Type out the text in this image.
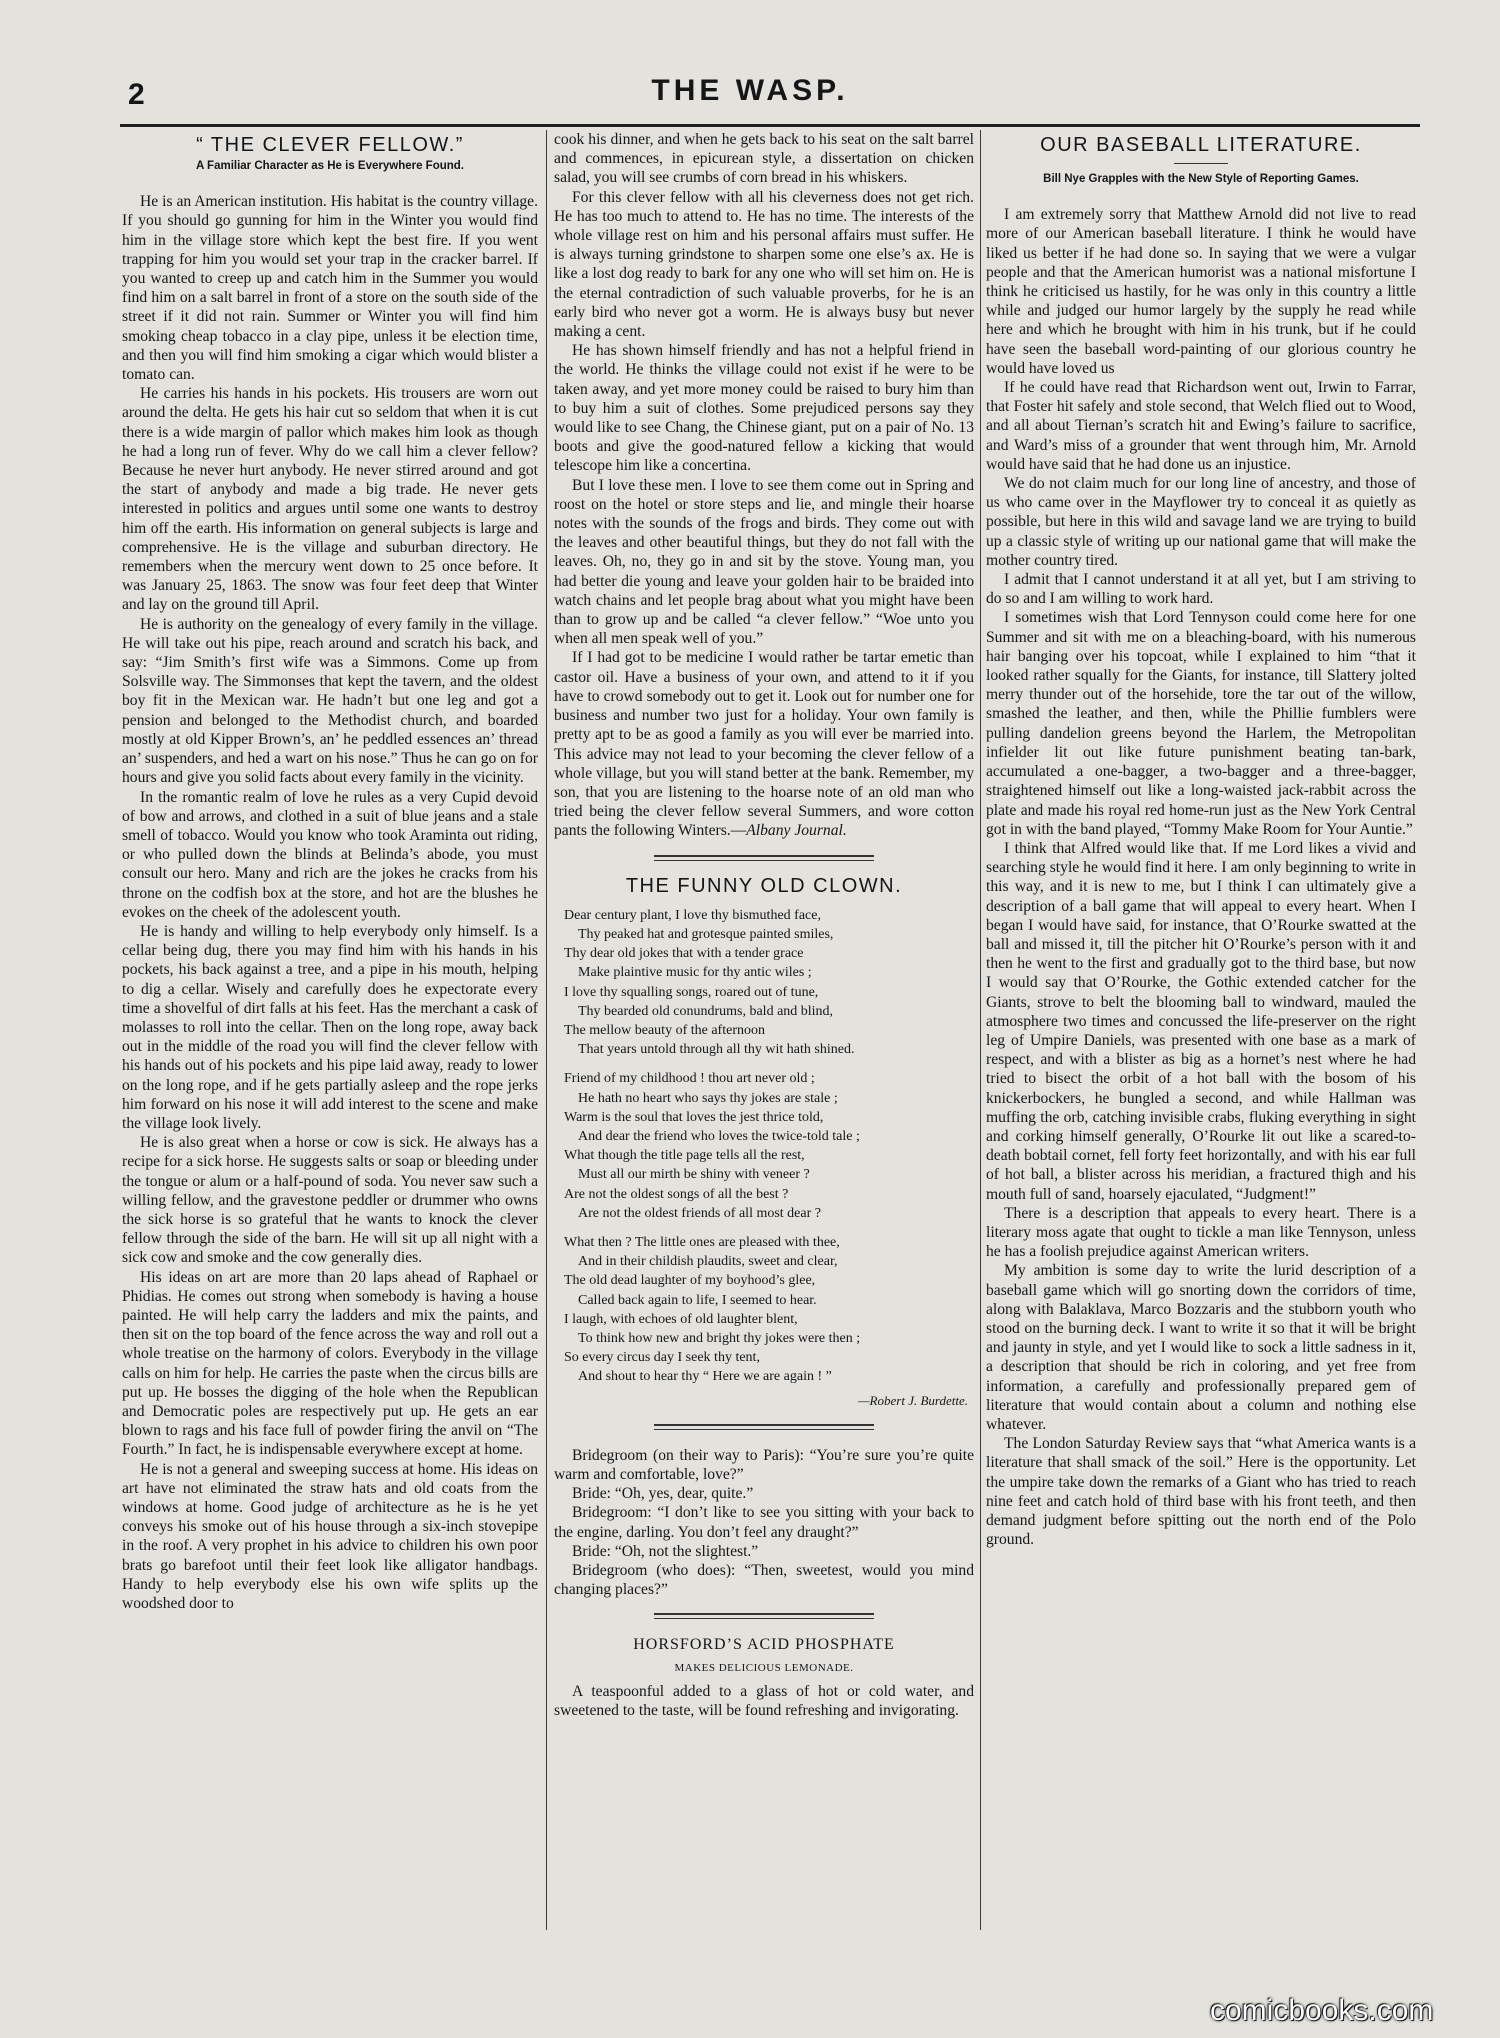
2	THE WASP.
“ THE CLEVER FELLOW.”
A Familiar Character as He is Everywhere Found.

He is an American institution. His habitat is the country village. If you should go gunning for him in the Winter you would find him in the village store which kept the best fire. If you went trapping for him you would set your trap in the cracker barrel. If you wanted to creep up and catch him in the Summer you would find him on a salt barrel in front of a store on the south side of the street if it did not rain. Summer or Winter you will find him smoking cheap tobacco in a clay pipe, unless it be election time, and then you will find him smoking a cigar which would blister a tomato can.

He carries his hands in his pockets. His trousers are worn out around the delta. He gets his hair cut so seldom that when it is cut there is a wide margin of pallor which makes him look as though he had a long run of fever. Why do we call him a clever fellow? Because he never hurt anybody. He never stirred around and got the start of anybody and made a big trade. He never gets interested in politics and argues until some one wants to destroy him off the earth. His information on general subjects is large and comprehensive. He is the village and suburban directory. He remembers when the mercury went down to 25 once before. It was January 25, 1863. The snow was four feet deep that Winter and lay on the ground till April.

He is authority on the genealogy of every family in the village. He will take out his pipe, reach around and scratch his back, and say: “Jim Smith’s first wife was a Simmons. Come up from Solsville way. The Simmonses that kept the tavern, and the oldest boy fit in the Mexican war. He hadn’t but one leg and got a pension and belonged to the Methodist church, and boarded mostly at old Kipper Brown’s, an’ he peddled essences an’ thread an’ suspenders, and hed a wart on his nose.” Thus he can go on for hours and give you solid facts about every family in the vicinity.

In the romantic realm of love he rules as a very Cupid devoid of bow and arrows, and clothed in a suit of blue jeans and a stale smell of tobacco. Would you know who took Araminta out riding, or who pulled down the blinds at Belinda’s abode, you must consult our hero. Many and rich are the jokes he cracks from his throne on the codfish box at the store, and hot are the blushes he evokes on the cheek of the adolescent youth.

He is handy and willing to help everybody only himself. Is a cellar being dug, there you may find him with his hands in his pockets, his back against a tree, and a pipe in his mouth, helping to dig a cellar. Wisely and carefully does he expectorate every time a shovelful of dirt falls at his feet. Has the merchant a cask of molasses to roll into the cellar. Then on the long rope, away back out in the middle of the road you will find the clever fellow with his hands out of his pockets and his pipe laid away, ready to lower on the long rope, and if he gets partially asleep and the rope jerks him forward on his nose it will add interest to the scene and make the village look lively.

He is also great when a horse or cow is sick. He always has a recipe for a sick horse. He suggests salts or soap or bleeding under the tongue or alum or a half-pound of soda. You never saw such a willing fellow, and the gravestone peddler or drummer who owns the sick horse is so grateful that he wants to knock the clever fellow through the side of the barn. He will sit up all night with a sick cow and smoke and the cow generally dies.

His ideas on art are more than 20 laps ahead of Raphael or Phidias. He comes out strong when somebody is having a house painted. He will help carry the ladders and mix the paints, and then sit on the top board of the fence across the way and roll out a whole treatise on the harmony of colors. Everybody in the village calls on him for help. He carries the paste when the circus bills are put up. He bosses the digging of the hole when the Republican and Democratic poles are respectively put up. He gets an ear blown to rags and his face full of powder firing the anvil on “The Fourth.” In fact, he is indispensable everywhere except at home.

He is not a general and sweeping success at home. His ideas on art have not eliminated the straw hats and old coats from the windows at home. Good judge of architecture as he is he yet conveys his smoke out of his house through a six-inch stovepipe in the roof. A very prophet in his advice to children his own poor brats go barefoot until their feet look like alligator handbags. Handy to help everybody else his own wife splits up the woodshed door to

cook his dinner, and when he gets back to his seat on the salt barrel and commences, in epicurean style, a dissertation on chicken salad, you will see crumbs of corn bread in his whiskers.

For this clever fellow with all his cleverness does not get rich. He has too much to attend to. He has no time. The interests of the whole village rest on him and his personal affairs must suffer. He is always turning grindstone to sharpen some one else’s ax. He is like a lost dog ready to bark for any one who will set him on. He is the eternal contradiction of such valuable proverbs, for he is an early bird who never got a worm. He is always busy but never making a cent.

He has shown himself friendly and has not a helpful friend in the world. He thinks the village could not exist if he were to be taken away, and yet more money could be raised to bury him than to buy him a suit of clothes. Some prejudiced persons say they would like to see Chang, the Chinese giant, put on a pair of No. 13 boots and give the good-natured fellow a kicking that would telescope him like a concertina.

But I love these men. I love to see them come out in Spring and roost on the hotel or store steps and lie, and mingle their hoarse notes with the sounds of the frogs and birds. They come out with the leaves and other beautiful things, but they do not fall with the leaves. Oh, no, they go in and sit by the stove. Young man, you had better die young and leave your golden hair to be braided into watch chains and let people brag about what you might have been than to grow up and be called “a clever fellow.” “Woe unto you when all men speak well of you.”

If I had got to be medicine I would rather be tartar emetic than castor oil. Have a business of your own, and attend to it if you have to crowd somebody out to get it. Look out for number one for business and number two just for a holiday. Your own family is pretty apt to be as good a family as you will ever be married into. This advice may not lead to your becoming the clever fellow of a whole village, but you will stand better at the bank. Remember, my son, that you are listening to the hoarse note of an old man who tried being the clever fellow several Summers, and wore cotton pants the following Winters.—Albany Journal.

THE FUNNY OLD CLOWN.
Dear century plant, I love thy bismuthed face,
Thy peaked hat and grotesque painted smiles,
Thy dear old jokes that with a tender grace
Make plaintive music for thy antic wiles ;
I love thy squalling songs, roared out of tune,
Thy bearded old conundrums, bald and blind,
The mellow beauty of the afternoon
That years untold through all thy wit hath shined.
Friend of my childhood ! thou art never old ;
He hath no heart who says thy jokes are stale ;
Warm is the soul that loves the jest thrice told,
And dear the friend who loves the twice-told tale ;
What though the title page tells all the rest,
Must all our mirth be shiny with veneer ?
Are not the oldest songs of all the best ?
Are not the oldest friends of all most dear ?
What then ? The little ones are pleased with thee,
And in their childish plaudits, sweet and clear,
The old dead laughter of my boyhood’s glee,
Called back again to life, I seemed to hear.
I laugh, with echoes of old laughter blent,
To think how new and bright thy jokes were then ;
So every circus day I seek thy tent,
And shout to hear thy “ Here we are again ! ”
—Robert J. Burdette.

Bridegroom (on their way to Paris): “You’re sure you’re quite warm and comfortable, love?”

Bride: “Oh, yes, dear, quite.”

Bridegroom: “I don’t like to see you sitting with your back to the engine, darling. You don’t feel any draught?”

Bride: “Oh, not the slightest.”

Bridegroom (who does): “Then, sweetest, would you mind changing places?”

HORSFORD’S ACID PHOSPHATE
MAKES DELICIOUS LEMONADE.

A teaspoonful added to a glass of hot or cold water, and sweetened to the taste, will be found refreshing and invigorating.

OUR BASEBALL LITERATURE.
Bill Nye Grapples with the New Style of Reporting Games.

I am extremely sorry that Matthew Arnold did not live to read more of our American baseball literature. I think he would have liked us better if he had done so. In saying that we were a vulgar people and that the American humorist was a national misfortune I think he criticised us hastily, for he was only in this country a little while and judged our humor largely by the supply he read while here and which he brought with him in his trunk, but if he could have seen the baseball word-painting of our glorious country he would have loved us

If he could have read that Richardson went out, Irwin to Farrar, that Foster hit safely and stole second, that Welch flied out to Wood, and all about Tiernan’s scratch hit and Ewing’s failure to sacrifice, and Ward’s miss of a grounder that went through him, Mr. Arnold would have said that he had done us an injustice.

We do not claim much for our long line of ancestry, and those of us who came over in the Mayflower try to conceal it as quietly as possible, but here in this wild and savage land we are trying to build up a classic style of writing up our national game that will make the mother country tired.

I admit that I cannot understand it at all yet, but I am striving to do so and I am willing to work hard.

I sometimes wish that Lord Tennyson could come here for one Summer and sit with me on a bleaching-board, with his numerous hair banging over his topcoat, while I explained to him “that it looked rather squally for the Giants, for instance, till Slattery jolted merry thunder out of the horsehide, tore the tar out of the willow, smashed the leather, and then, while the Phillie fumblers were pulling dandelion greens beyond the Harlem, the Metropolitan infielder lit out like future punishment beating tan-bark, accumulated a one-bagger, a two-bagger and a three-bagger, straightened himself out like a long-waisted jack-rabbit across the plate and made his royal red home-run just as the New York Central got in with the band played, “Tommy Make Room for Your Auntie.”

I think that Alfred would like that. If me Lord likes a vivid and searching style he would find it here. I am only beginning to write in this way, and it is new to me, but I think I can ultimately give a description of a ball game that will appeal to every heart. When I began I would have said, for instance, that O’Rourke swatted at the ball and missed it, till the pitcher hit O’Rourke’s person with it and then he went to the first and gradually got to the third base, but now I would say that O’Rourke, the Gothic extended catcher for the Giants, strove to belt the blooming ball to windward, mauled the atmosphere two times and concussed the life-preserver on the right leg of Umpire Daniels, was presented with one base as a mark of respect, and with a blister as big as a hornet’s nest where he had tried to bisect the orbit of a hot ball with the bosom of his knickerbockers, he bungled a second, and while Hallman was muffing the orb, catching invisible crabs, fluking everything in sight and corking himself generally, O’Rourke lit out like a scared-to-death bobtail cornet, fell forty feet horizontally, and with his ear full of hot ball, a blister across his meridian, a fractured thigh and his mouth full of sand, hoarsely ejaculated, “Judgment!”

There is a description that appeals to every heart. There is a literary moss agate that ought to tickle a man like Tennyson, unless he has a foolish prejudice against American writers.

My ambition is some day to write the lurid description of a baseball game which will go snorting down the corridors of time, along with Balaklava, Marco Bozzaris and the stubborn youth who stood on the burning deck. I want to write it so that it will be bright and jaunty in style, and yet I would like to sock a little sadness in it, a description that should be rich in coloring, and yet free from information, a carefully and professionally prepared gem of literature that would contain about a column and nothing else whatever.

The London Saturday Review says that “what America wants is a literature that shall smack of the soil.” Here is the opportunity. Let the umpire take down the remarks of a Giant who has tried to reach nine feet and catch hold of third base with his front teeth, and then demand judgment before spitting out the north end of the Polo ground.

comicbooks.com
